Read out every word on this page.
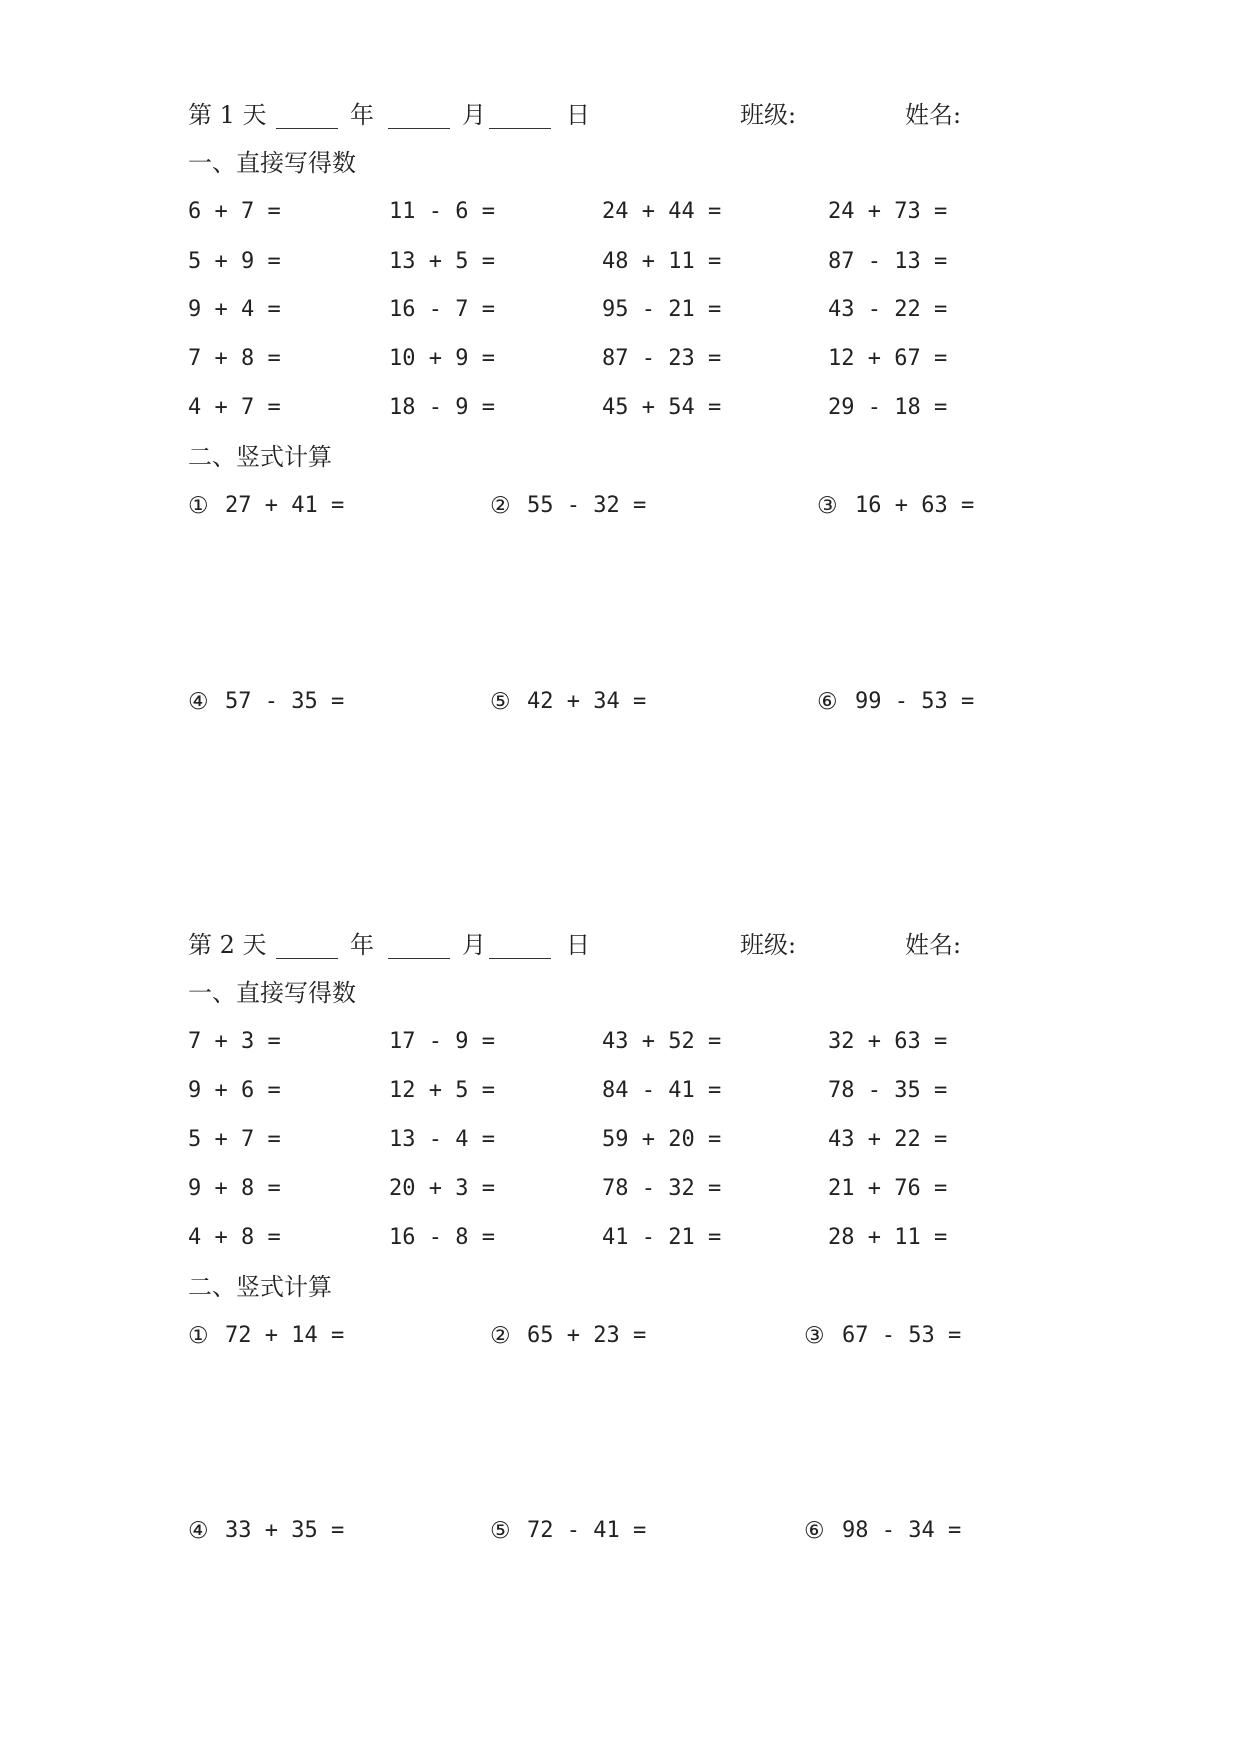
第 1 天	年	月	日	班级:	姓名:
一、直接写得数
6 + 7 =	11 - 6 =	24 + 44 =	24 + 73 =
5 + 9 =	13 + 5 =	48 + 11 =	87 - 13 =
9 + 4 =	16 - 7 =	95 - 21 =	43 - 22 =
7 + 8 =	10 + 9 =	87 - 23 =	12 + 67 =
4 + 7 =	18 - 9 =	45 + 54 =	29 - 18 =
二、竖式计算
① 27 + 41 =	② 55 - 32 =	③ 16 + 63 =
④ 57 - 35 =	⑤ 42 + 34 =	⑥ 99 - 53 =
第 2 天	年	月	日	班级:	姓名:
一、直接写得数
7 + 3 =	17 - 9 =	43 + 52 =	32 + 63 =
9 + 6 =	12 + 5 =	84 - 41 =	78 - 35 =
5 + 7 =	13 - 4 =	59 + 20 =	43 + 22 =
9 + 8 =	20 + 3 =	78 - 32 =	21 + 76 =
4 + 8 =	16 - 8 =	41 - 21 =	28 + 11 =
二、竖式计算
① 72 + 14 =	② 65 + 23 =	③ 67 - 53 =
④ 33 + 35 =	⑤ 72 - 41 =	⑥ 98 - 34 =
